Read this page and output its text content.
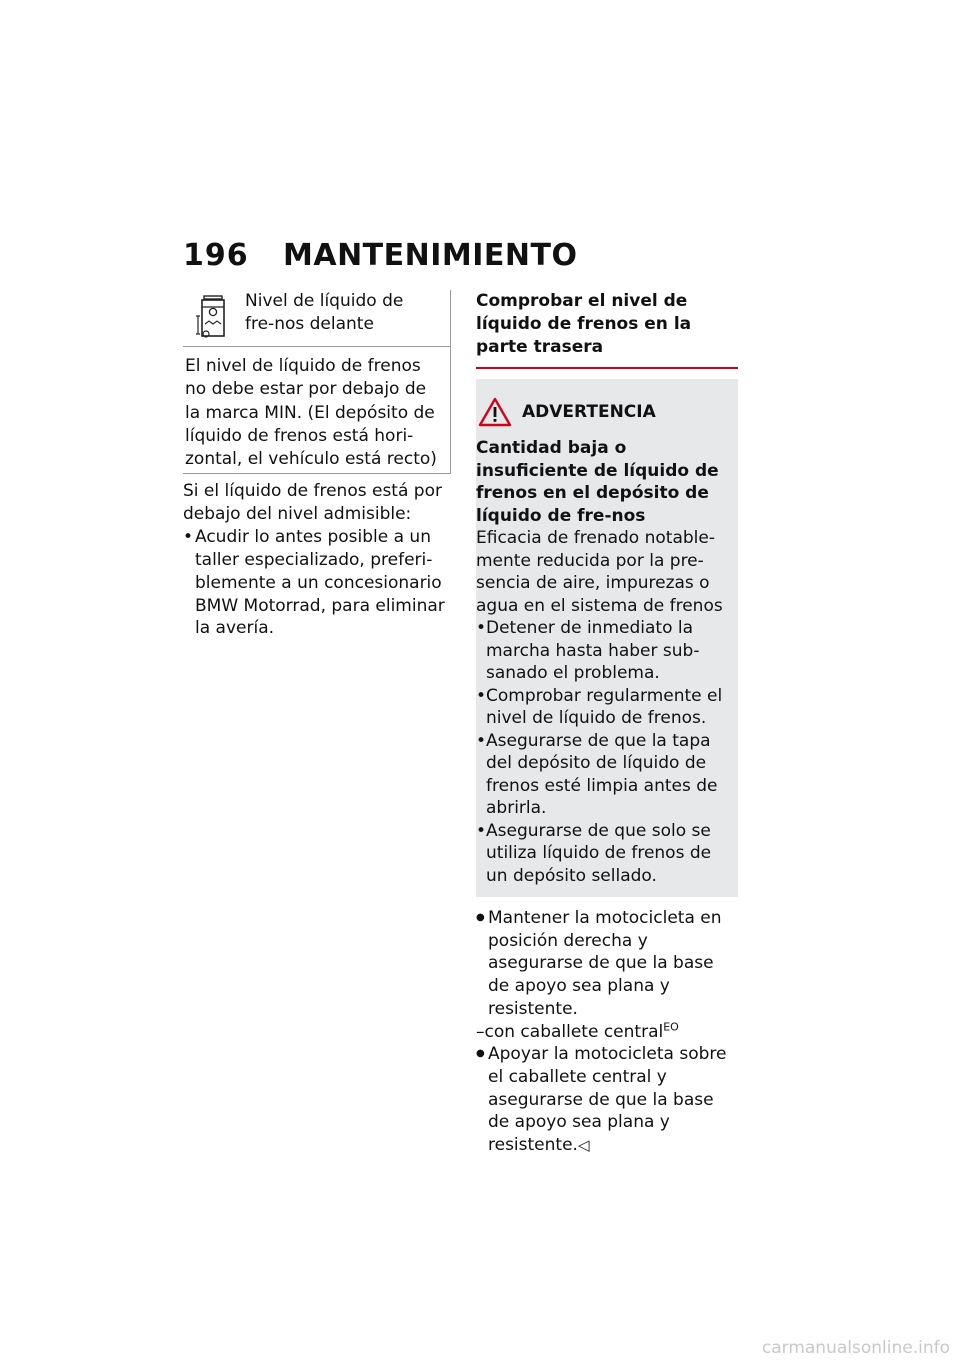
196 MANTENIMIENTO
Nivel de líquido de fre-nos delante
El nivel de líquido de frenos no debe estar por debajo de la marca MIN. (El depósito de líquido de frenos está hori-zontal, el vehículo está recto)

Si el líquido de frenos está por debajo del nivel admisible:

• Acudir lo antes posible a un taller especializado, preferi-blemente a un concesionario BMW Motorrad, para eliminar la avería.
Comprobar el nivel de líquido de frenos en la parte trasera
ADVERTENCIA
Cantidad baja o insuficiente de líquido de frenos en el depósito de líquido de fre-nos
Eficacia de frenado notable-mente reducida por la pre-sencia de aire, impurezas o agua en el sistema de frenos
• Detener de inmediato la marcha hasta haber sub-sanado el problema.
• Comprobar regularmente el nivel de líquido de frenos.
• Asegurarse de que la tapa del depósito de líquido de frenos esté limpia antes de abrirla.
• Asegurarse de que solo se utiliza líquido de frenos de un depósito sellado.
● Mantener la motocicleta en posición derecha y asegurarse de que la base de apoyo sea plana y resistente.
–con caballete central$^{EO}$
● Apoyar la motocicleta sobre el caballete central y asegurarse de que la base de apoyo sea plana y resistente.◁
carmanualsonline.info
